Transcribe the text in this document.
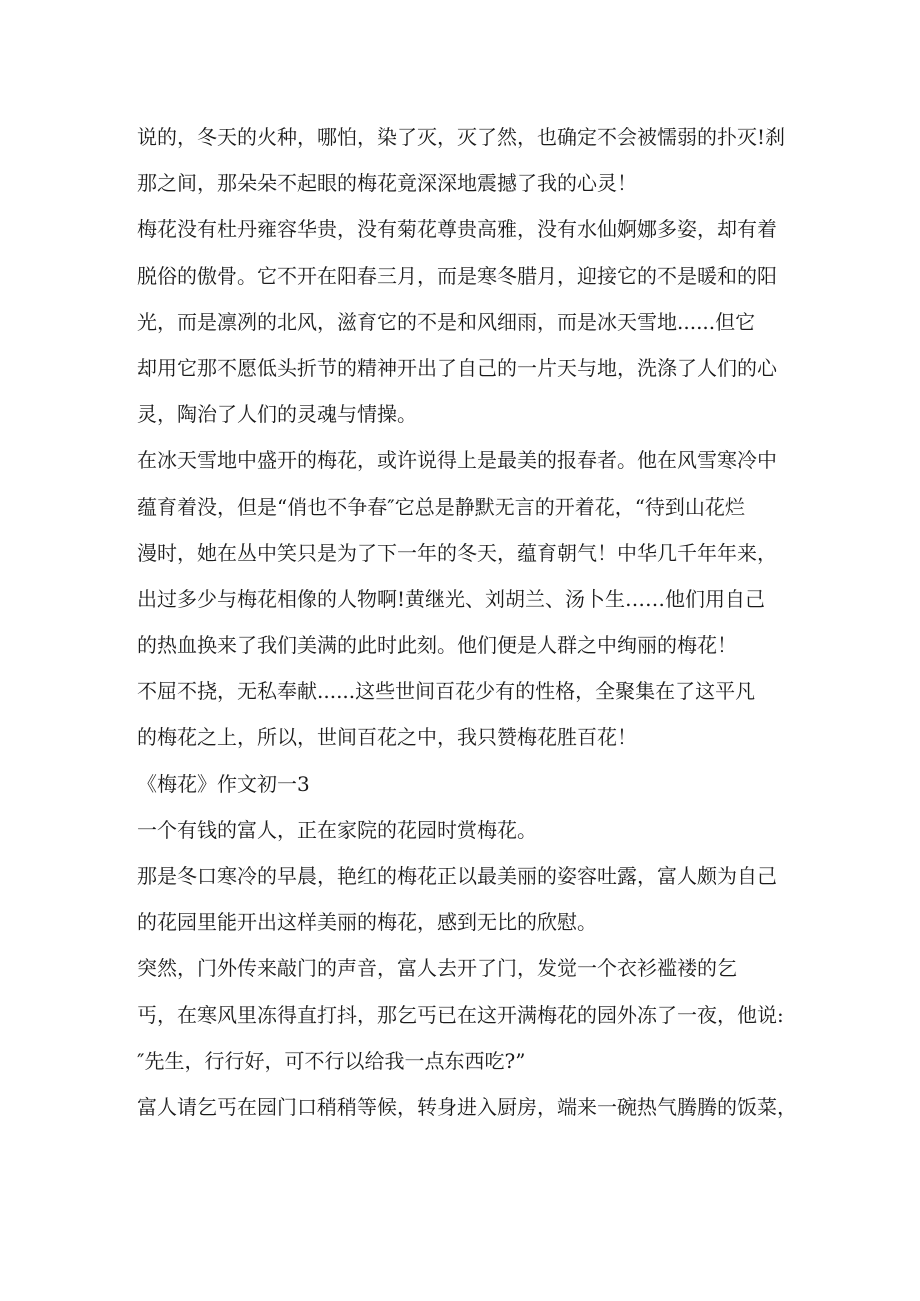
说的，冬天的火种，哪怕，染了灭，灭了然，也确定不会被懦弱的扑灭!刹
那之间，那朵朵不起眼的梅花竟深深地震撼了我的心灵！
梅花没有杜丹雍容华贵，没有菊花尊贵高雅，没有水仙婀娜多姿，却有着
脱俗的傲骨。它不开在阳春三月，而是寒冬腊月，迎接它的不是暖和的阳
光，而是凛冽的北风，滋育它的不是和风细雨，而是冰天雪地......但它
却用它那不愿低头折节的精神开出了自己的一片天与地，洗涤了人们的心
灵，陶治了人们的灵魂与情操。
在冰天雪地中盛开的梅花，或许说得上是最美的报春者。他在风雪寒冷中
蕴育着没，但是“俏也不争春″它总是静默无言的开着花，“待到山花烂
漫时，她在丛中笑只是为了下一年的冬天，蕴育朝气！中华几千年年来，
出过多少与梅花相像的人物啊!黄继光、刘胡兰、汤卜生……他们用自己
的热血换来了我们美满的此时此刻。他们便是人群之中绚丽的梅花！
不屈不挠，无私奉献......这些世间百花少有的性格，全聚集在了这平凡
的梅花之上，所以，世间百花之中，我只赞梅花胜百花！
《梅花》作文初一3
一个有钱的富人，正在家院的花园时赏梅花。
那是冬口寒冷的早晨，艳红的梅花正以最美丽的姿容吐露，富人颇为自己
的花园里能开出这样美丽的梅花，感到无比的欣慰。
突然，门外传来敲门的声音，富人去开了门，发觉一个衣衫褴褛的乞
丐，在寒风里冻得直打抖，那乞丐已在这开满梅花的园外冻了一夜，他说:
″先生，行行好，可不行以给我一点东西吃?”
富人请乞丐在园门口稍稍等候，转身进入厨房，端来一碗热气腾腾的饭菜，
